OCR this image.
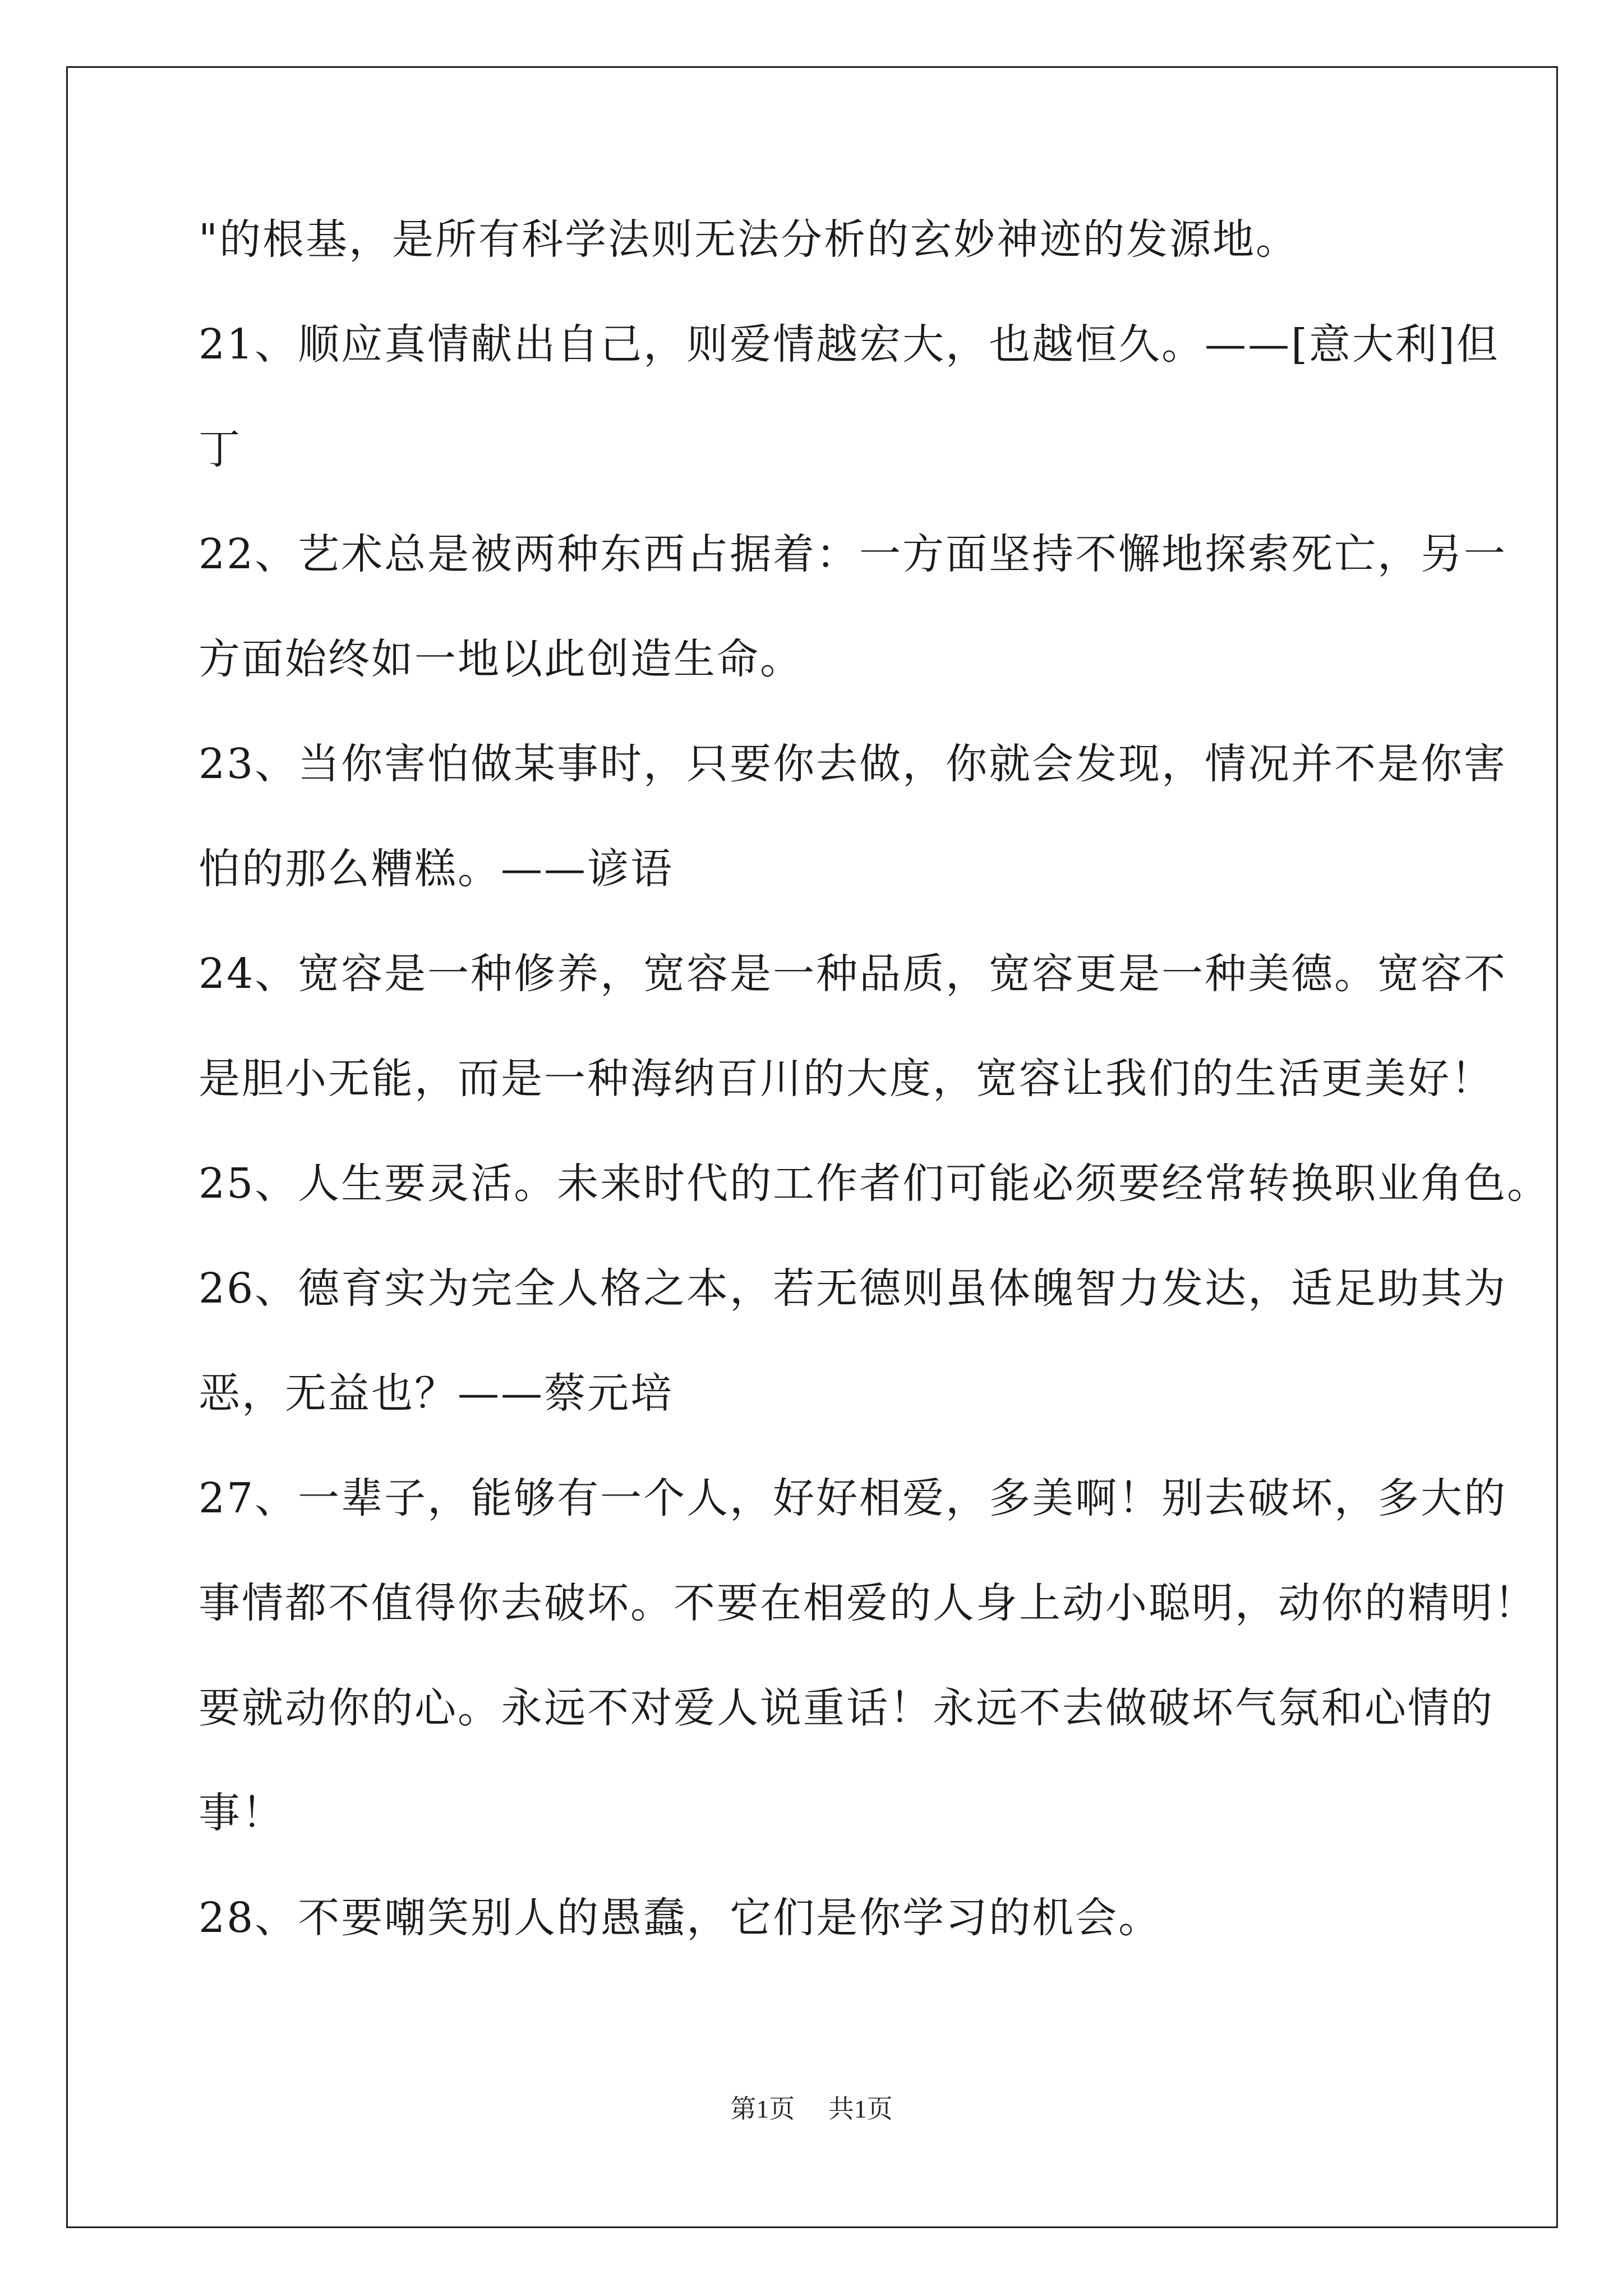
"的根基，是所有科学法则无法分析的玄妙神迹的发源地。
21、顺应真情献出自己，则爱情越宏大，也越恒久。——[意大利]但
丁
22、艺术总是被两种东西占据着：一方面坚持不懈地探索死亡，另一
方面始终如一地以此创造生命。
23、当你害怕做某事时，只要你去做，你就会发现，情况并不是你害
怕的那么糟糕。——谚语
24、宽容是一种修养，宽容是一种品质，宽容更是一种美德。宽容不
是胆小无能，而是一种海纳百川的大度，宽容让我们的生活更美好！
25、人生要灵活。未来时代的工作者们可能必须要经常转换职业角色。
26、德育实为完全人格之本，若无德则虽体魄智力发达，适足助其为
恶，无益也？——蔡元培
27、一辈子，能够有一个人，好好相爱，多美啊！别去破坏，多大的
事情都不值得你去破坏。不要在相爱的人身上动小聪明，动你的精明！
要就动你的心。永远不对爱人说重话！永远不去做破坏气氛和心情的
事！
28、不要嘲笑别人的愚蠢，它们是你学习的机会。
第1页 共1页
